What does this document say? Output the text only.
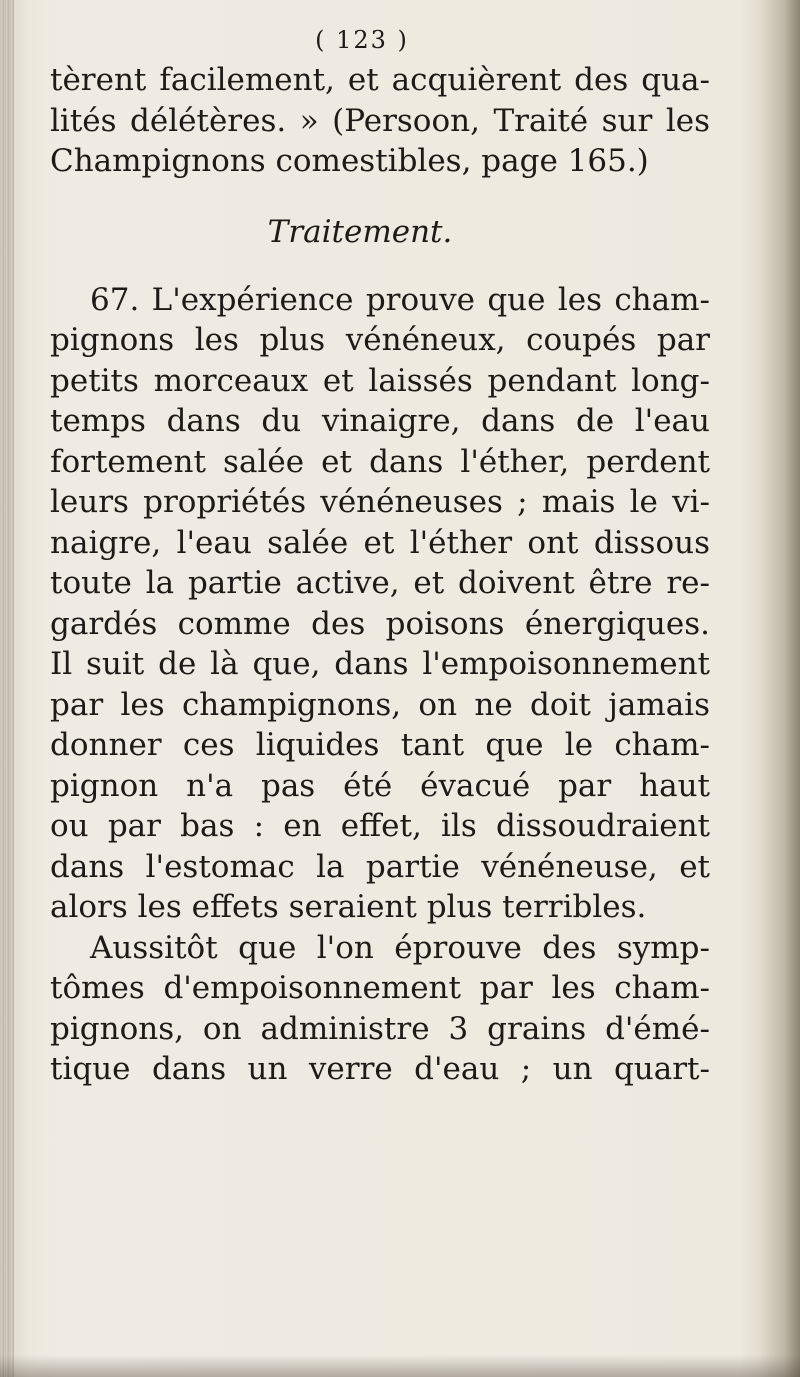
( 123 )
tèrent facilement, et acquièrent des qua-
lités délétères. » (Persoon, Traité sur les
Champignons comestibles, page 165.)
Traitement.
67. L'expérience prouve que les cham-
pignons les plus vénéneux, coupés par
petits morceaux et laissés pendant long-
temps dans du vinaigre, dans de l'eau
fortement salée et dans l'éther, perdent
leurs propriétés vénéneuses ; mais le vi-
naigre, l'eau salée et l'éther ont dissous
toute la partie active, et doivent être re-
gardés comme des poisons énergiques.
Il suit de là que, dans l'empoisonnement
par les champignons, on ne doit jamais
donner ces liquides tant que le cham-
pignon n'a pas été évacué par haut
ou par bas : en effet, ils dissoudraient
dans l'estomac la partie vénéneuse, et
alors les effets seraient plus terribles.
Aussitôt que l'on éprouve des symp-
tômes d'empoisonnement par les cham-
pignons, on administre 3 grains d'émé-
tique dans un verre d'eau ; un quart-
